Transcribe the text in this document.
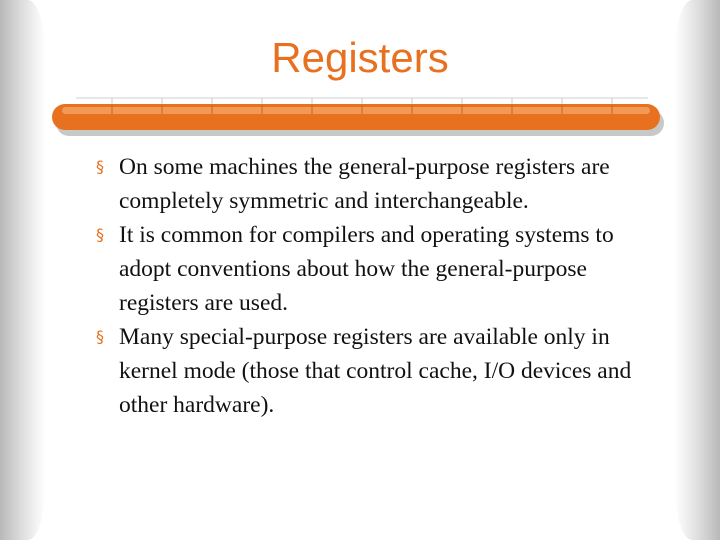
Registers
§ On some machines the general-purpose registers are completely symmetric and interchangeable.
§ It is common for compilers and operating systems to adopt conventions about how the general-purpose registers are used.
§ Many special-purpose registers are available only in kernel mode (those that control cache, I/O devices and other hardware).
